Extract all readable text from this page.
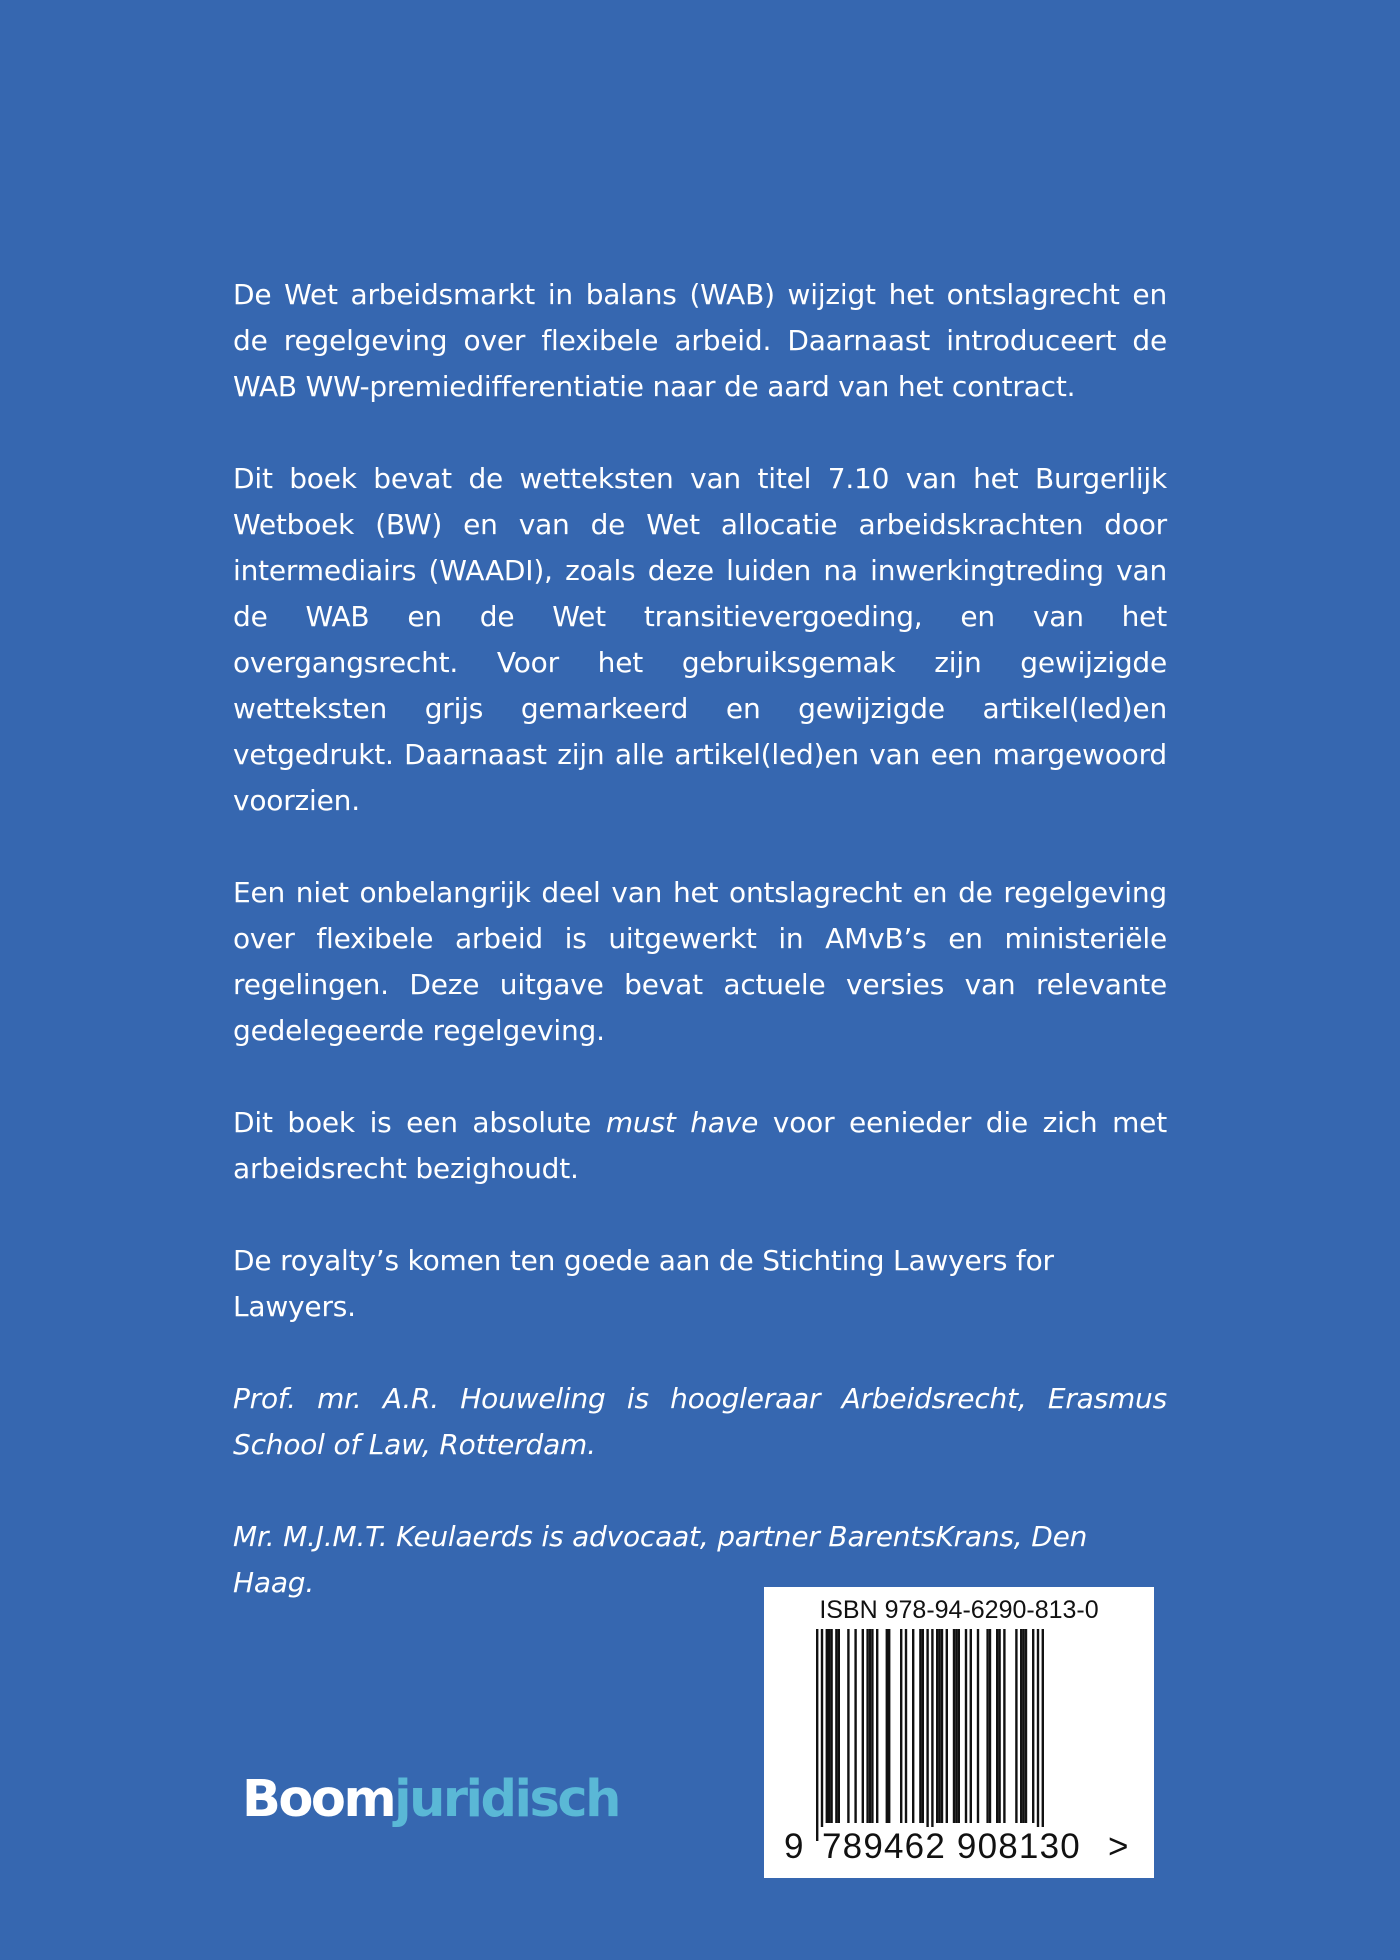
De Wet arbeidsmarkt in balans (WAB) wijzigt het ontslagrecht en de regelgeving over flexibele arbeid. Daarnaast introduceert de WAB WW-premiedifferentiatie naar de aard van het contract.

Dit boek bevat de wetteksten van titel 7.10 van het Burgerlijk Wetboek (BW) en van de Wet allocatie arbeidskrachten door intermediairs (WAADI), zoals deze luiden na inwerkingtreding van de WAB en de Wet transitievergoeding, en van het overgangsrecht. Voor het gebruiksgemak zijn gewijzigde wetteksten grijs gemarkeerd en gewijzigde artikel(led)en vetgedrukt. Daarnaast zijn alle artikel(led)en van een margewoord voorzien.

Een niet onbelangrijk deel van het ontslagrecht en de regelgeving over flexibele arbeid is uitgewerkt in AMvB’s en ministeriële regelingen. Deze uitgave bevat actuele versies van relevante gedelegeerde regelgeving.

Dit boek is een absolute must have voor eenieder die zich met arbeidsrecht bezighoudt.

De royalty’s komen ten goede aan de Stichting Lawyers for Lawyers.

Prof. mr. A.R. Houweling is hoogleraar Arbeidsrecht, Erasmus School of Law, Rotterdam.

Mr. M.J.M.T. Keulaerds is advocaat, partner BarentsKrans, Den Haag.

Boomjuridisch
ISBN 978-94-6290-813-0
9 789462 908130 >
